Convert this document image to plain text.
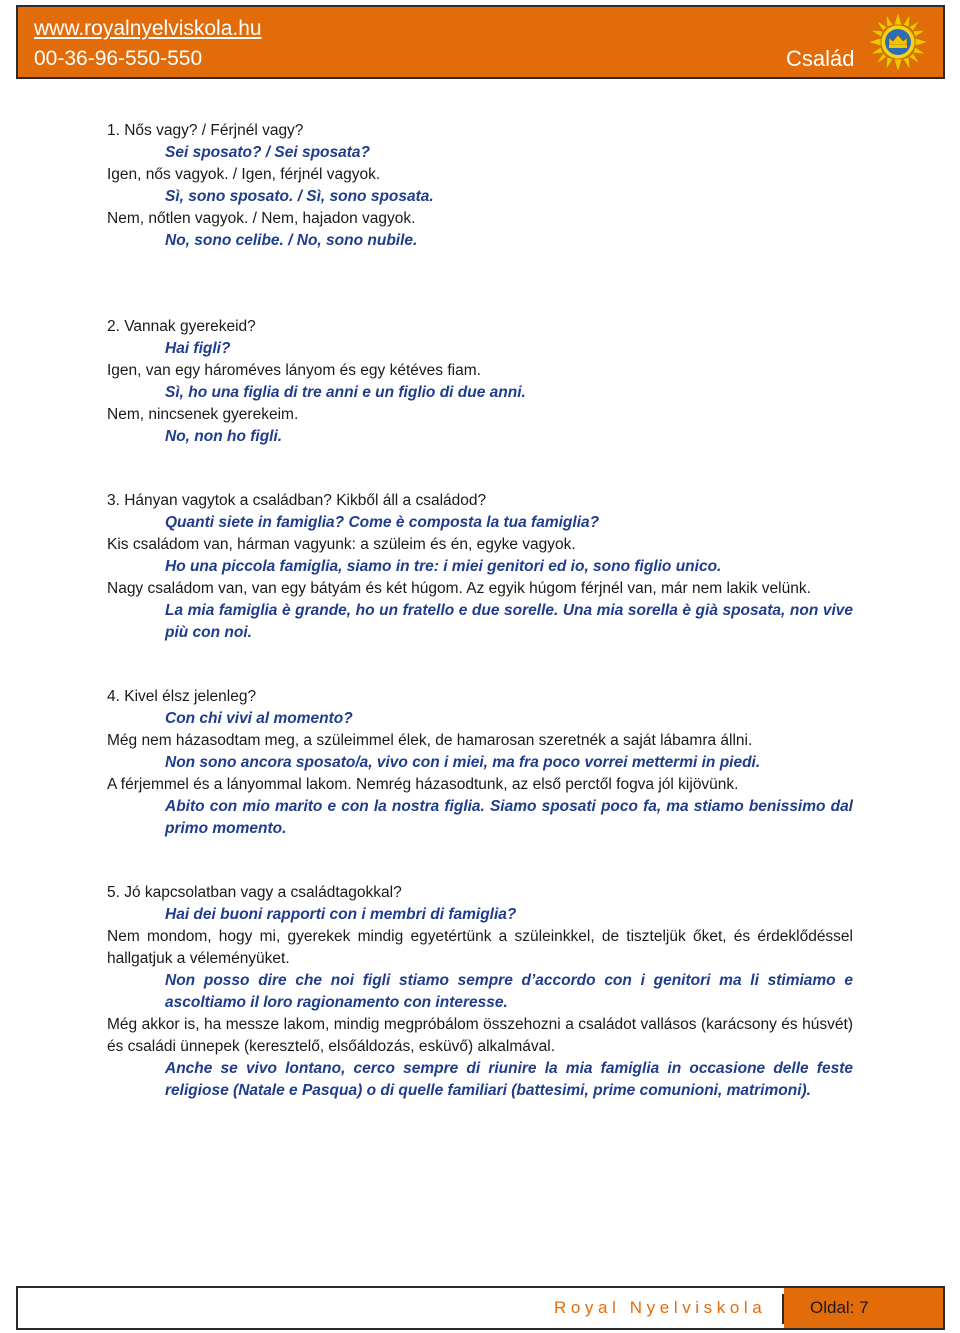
www.royalnyelviskola.hu
00-36-96-550-550	Család
1. Nős vagy? / Férjnél vagy?
Sei sposato? / Sei sposata?
Igen, nős vagyok. / Igen, férjnél vagyok.
Sì, sono sposato. / Sì, sono sposata.
Nem, nőtlen vagyok. / Nem, hajadon vagyok.
No, sono celibe. / No, sono nubile.
2. Vannak gyerekeid?
Hai figli?
Igen, van egy hároméves lányom és egy kétéves fiam.
Sì, ho una figlia di tre anni e un figlio di due anni.
Nem, nincsenek gyerekeim.
No, non ho figli.
3. Hányan vagytok a családban? Kikből áll a családod?
Quanti siete in famiglia? Come è composta la tua famiglia?
Kis családom van, hárman vagyunk: a szüleim és én, egyke vagyok.
Ho una piccola famiglia, siamo in tre: i miei genitori ed io, sono figlio unico.
Nagy családom van, van egy bátyám és két húgom. Az egyik húgom férjnél van, már nem lakik velünk.
La mia famiglia è grande, ho un fratello e due sorelle. Una mia sorella è già sposata, non vive più con noi.
4. Kivel élsz jelenleg?
Con chi vivi al momento?
Még nem házasodtam meg, a szüleimmel élek, de hamarosan szeretnék a saját lábamra állni.
Non sono ancora sposato/a, vivo con i miei, ma fra poco vorrei mettermi in piedi.
A férjemmel és a lányommal lakom. Nemrég házasodtunk, az első perctől fogva jól kijövünk.
Abito con mio marito e con la nostra figlia. Siamo sposati poco fa, ma stiamo benissimo dal primo momento.
5. Jó kapcsolatban vagy a családtagokkal?
Hai dei buoni rapporti con i membri di famiglia?
Nem mondom, hogy mi, gyerekek mindig egyetértünk a szüleinkkel, de tiszteljük őket, és érdeklődéssel hallgatjuk a véleményüket.
Non posso dire che noi figli stiamo sempre d’accordo con i genitori ma li stimiamo e ascoltiamo il loro ragionamento con interesse.
Még akkor is, ha messze lakom, mindig megpróbálom összehozni a családot vallásos (karácsony és húsvét) és családi ünnepek (keresztelő, elsőáldozás, esküvő) alkalmával.
Anche se vivo lontano, cerco sempre di riunire la mia famiglia in occasione delle feste religiose (Natale e Pasqua) o di quelle familiari (battesimi, prime comunioni, matrimoni).
Royal Nyelviskola	Oldal: 7
